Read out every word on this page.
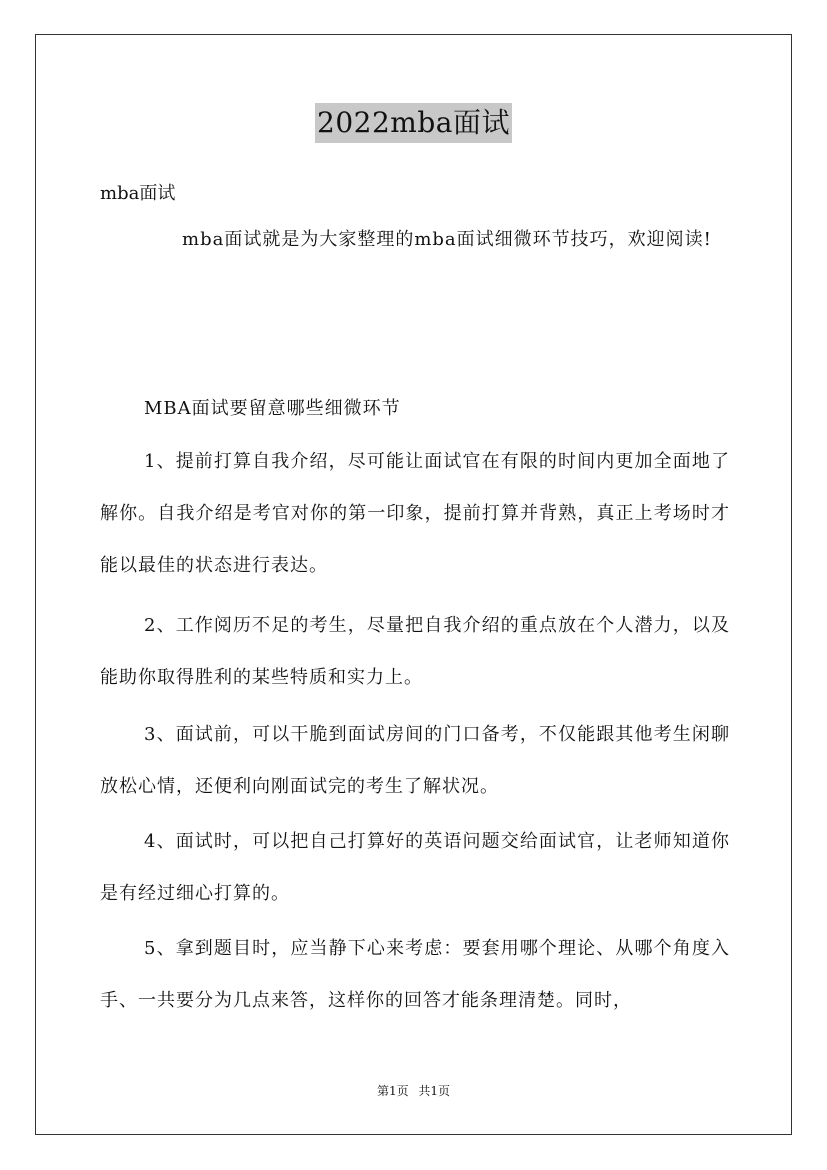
2022mba面试
mba面试

mba面试就是为大家整理的mba面试细微环节技巧，欢迎阅读!

MBA面试要留意哪些细微环节

1、提前打算自我介绍，尽可能让面试官在有限的时间内更加全面地了解你。自我介绍是考官对你的第一印象，提前打算并背熟，真正上考场时才能以最佳的状态进行表达。

2、工作阅历不足的考生，尽量把自我介绍的重点放在个人潜力，以及能助你取得胜利的某些特质和实力上。

3、面试前，可以干脆到面试房间的门口备考，不仅能跟其他考生闲聊放松心情，还便利向刚面试完的考生了解状况。

4、面试时，可以把自己打算好的英语问题交给面试官，让老师知道你是有经过细心打算的。

5、拿到题目时，应当静下心来考虑：要套用哪个理论、从哪个角度入手、一共要分为几点来答，这样你的回答才能条理清楚。同时，

第1页 共1页
